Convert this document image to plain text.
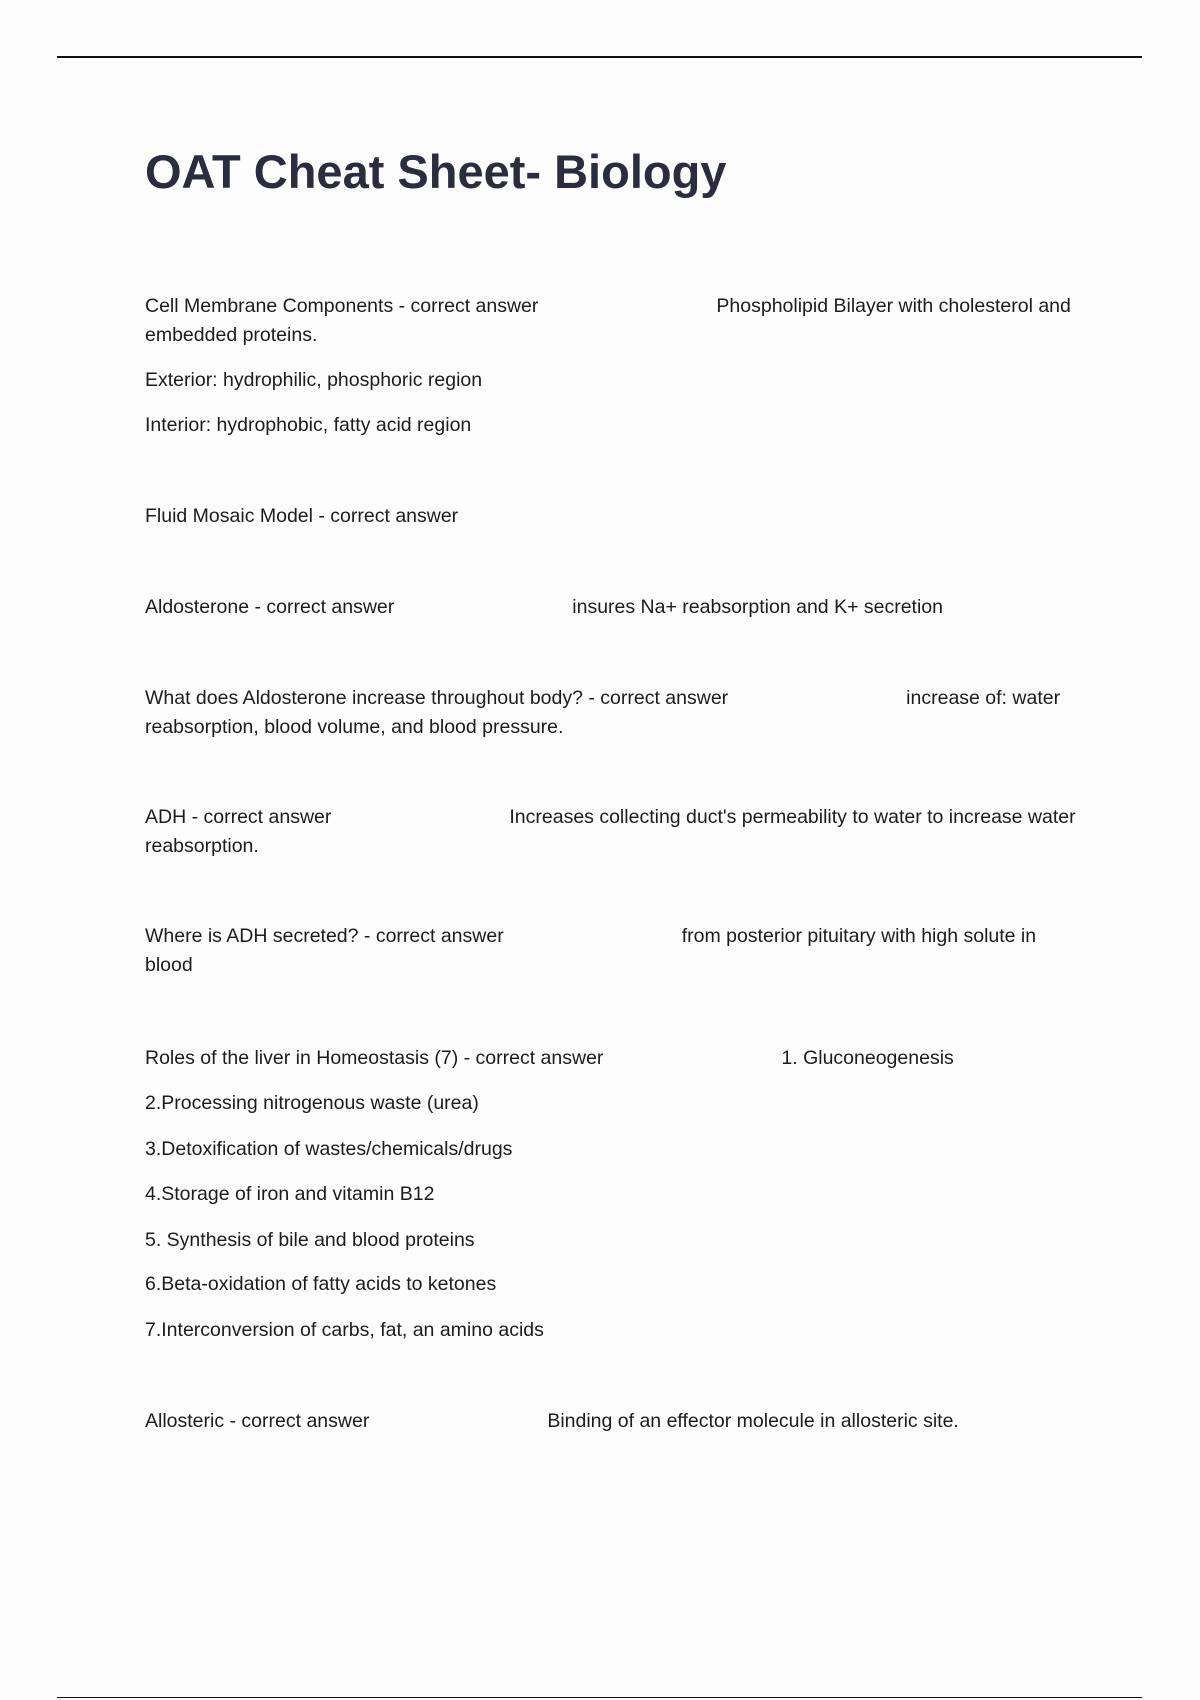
OAT Cheat Sheet- Biology
Cell Membrane Components - correct answer	Phospholipid Bilayer with cholesterol and embedded proteins.
Exterior: hydrophilic, phosphoric region
Interior: hydrophobic, fatty acid region
Fluid Mosaic Model - correct answer
Aldosterone - correct answer	insures Na+ reabsorption and K+ secretion
What does Aldosterone increase throughout body? - correct answer	increase of: water reabsorption, blood volume, and blood pressure.
ADH - correct answer	Increases collecting duct's permeability to water to increase water reabsorption.
Where is ADH secreted? - correct answer	from posterior pituitary with high solute in blood
Roles of the liver in Homeostasis (7) - correct answer	1. Gluconeogenesis
2.Processing nitrogenous waste (urea)
3.Detoxification of wastes/chemicals/drugs
4.Storage of iron and vitamin B12
5. Synthesis of bile and blood proteins
6.Beta-oxidation of fatty acids to ketones
7.Interconversion of carbs, fat, an amino acids
Allosteric - correct answer	Binding of an effector molecule in allosteric site.
